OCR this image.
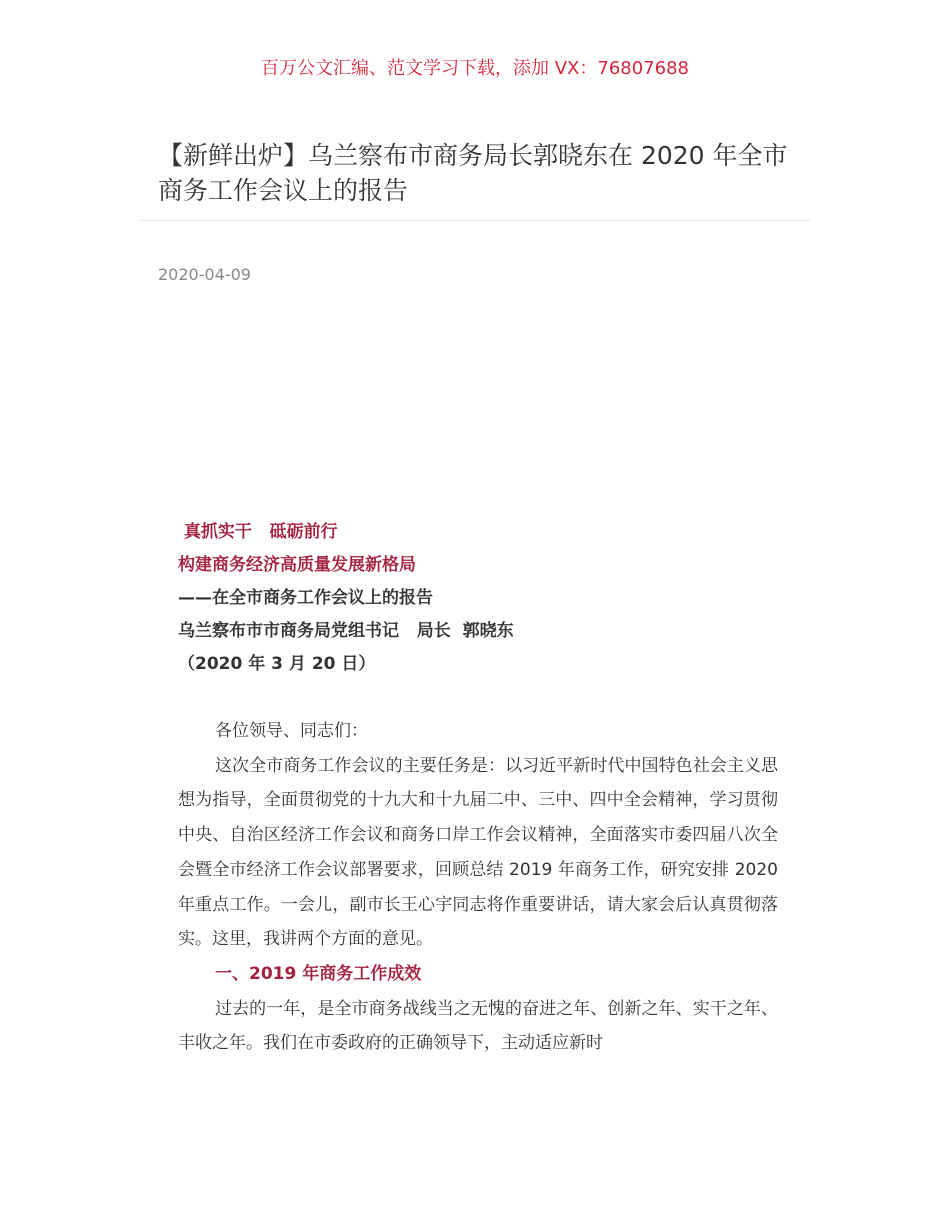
百万公文汇编、范文学习下载，添加 VX：76807688
【新鲜出炉】乌兰察布市商务局长郭晓东在 2020 年全市商务工作会议上的报告
2020-04-09
真抓实干   砥砺前行
构建商务经济高质量发展新格局
——在全市商务工作会议上的报告
乌兰察布市市商务局党组书记   局长  郭晓东
（2020 年 3 月 20 日）

各位领导、同志们：

这次全市商务工作会议的主要任务是：以习近平新时代中国特色社会主义思想为指导，全面贯彻党的十九大和十九届二中、三中、四中全会精神，学习贯彻中央、自治区经济工作会议和商务口岸工作会议精神，全面落实市委四届八次全会暨全市经济工作会议部署要求，回顾总结 2019 年商务工作，研究安排 2020 年重点工作。一会儿，副市长王心宇同志将作重要讲话，请大家会后认真贯彻落实。这里，我讲两个方面的意见。

一、2019 年商务工作成效

过去的一年，是全市商务战线当之无愧的奋进之年、创新之年、实干之年、丰收之年。我们在市委政府的正确领导下，主动适应新时
